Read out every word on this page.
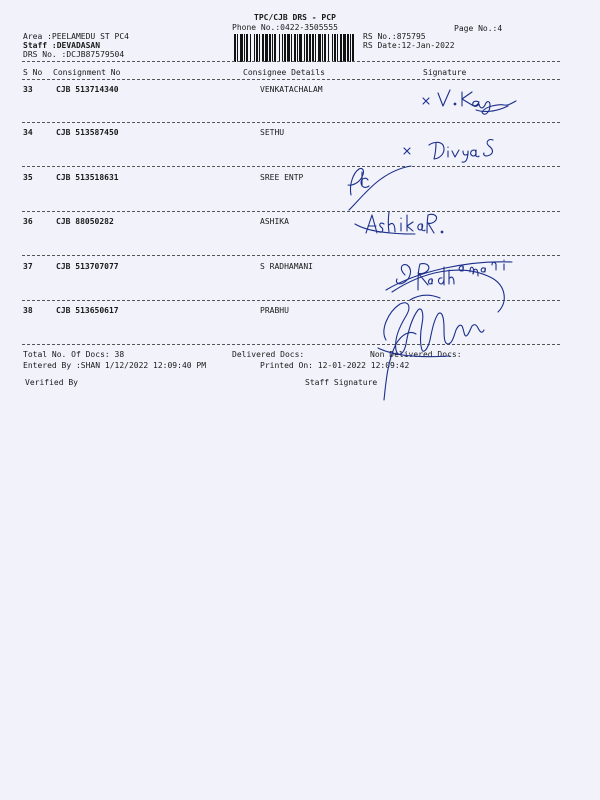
TPC/CJB DRS - PCP
Phone No.:0422-3505555	Page No.:4
Area :PEELAMEDU ST PC4
Staff :DEVADASAN
DRS No. :DCJB87579504
RS No.:875795
RS Date:12-Jan-2022
S No Consignment No	Consignee Details	Signature
33	CJB 513714340	VENKATACHALAM
34	CJB 513587450	SETHU
35	CJB 513518631	SREE ENTP
36	CJB 88050282	ASHIKA
37	CJB 513707077	S RADHAMANI
38	CJB 513650617	PRABHU
Total No. Of Docs: 38	Delivered Docs:	Non Delivered Docs:
Entered By :SHAN 1/12/2022 12:09:40 PM	Printed On: 12-01-2022 12:09:42
Verified By	Staff Signature
